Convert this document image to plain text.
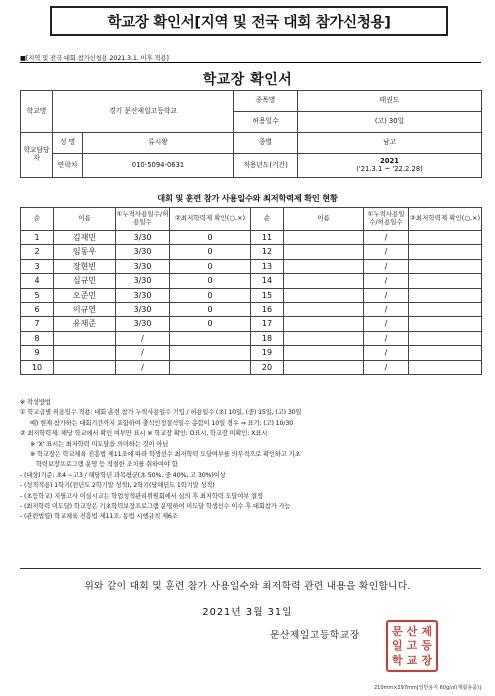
학교장 확인서[지역 및 전국 대회 참가신청용]
■[지역 및 전국 대회 참가신청용 2021.3.1. 이후 적용]
학교장 확인서
학교명	경기 문산제일고등학교		종목명	태권도
			허용일수	(고) 30일
학교담당자	성 명	류시왕	종별	남고
	연락처	010-5094-0631	적용년도(기간)	2021
('21.3.1 ~ '22.2.28)
대회 및 훈련 참가 사용일수와 최저학력제 확인 현황
순	이름	①누적사용일수/허용일수	②최저학력제 확인(○,×)	순	이름	①누적사용일수/허용일수	②최저학력제 확인(○,×)
1	김재민	3/30	0	11		/	
2	임동우	3/30	0	12		/	
3	장현빈	3/30	0	13		/	
4	심규민	3/30	0	14		/	
5	오준민	3/30	0	15		/	
6	이규연	3/30	0	16		/	
7	유재준	3/30	0	17		/	
8		/		18		/	
9		/		19		/	
10		/		20		/	
※ 작성방법
① 학교급별 허용일수 적용: 대회 훈련 참가 누적사용일수 기입 / 허용일수 (초) 10일, (중) 15일, (고) 30일
예) 현재 참가하는 대회기간까지 포함하여 출석인정결석일수 총합이 10일 경우 ⇒ 표기: (고) 10/30
② 최저학력제: 해당 학교에서 확인 여부만 표시 ※ 학교장 확인: O표시, 학교장 미확인: X표시
※ 'X' 표시는 최저학력 미도달을 의미하는 것이 아님
※ 학교장은 학교체육 진흥법 제11조에 따라 학생선수 최저학력 도달여부를 의무적으로 확인하고 기초
학력보장프로그램 운영 등 적절한 조치를 취하여야 함
- (대상)기준: 초4 ~고3 / 해당학년 과목평균(초 50%, 중 40%, 고 30%)이상
- (성적적용) 1학기(전년도 2학기말 성적), 2학기(당해년도 1학기말 성적)
- (초등학교) 지필고사 미실시교는 학업성적관리위원회에서 심의 후 최저학력 도달여부 결정
- (최저학력 미도달) 학교장은 기초학력보장프로그램 운영하여 미도달 학생선수 이수 후 대회참가 가능
- (관련법령) 학교체육 진흥법 제11조, 동법 시행규칙 제6조
위와 같이 대회 및 훈련 참가 사용일수와 최저학력 관련 내용을 확인합니다.
2021년 3월 31일
문산제일고등학교장	문 산 제
일 고 등
학 교 장
210mm×297mm[일반용지 60g/㎡(재활용품)]
